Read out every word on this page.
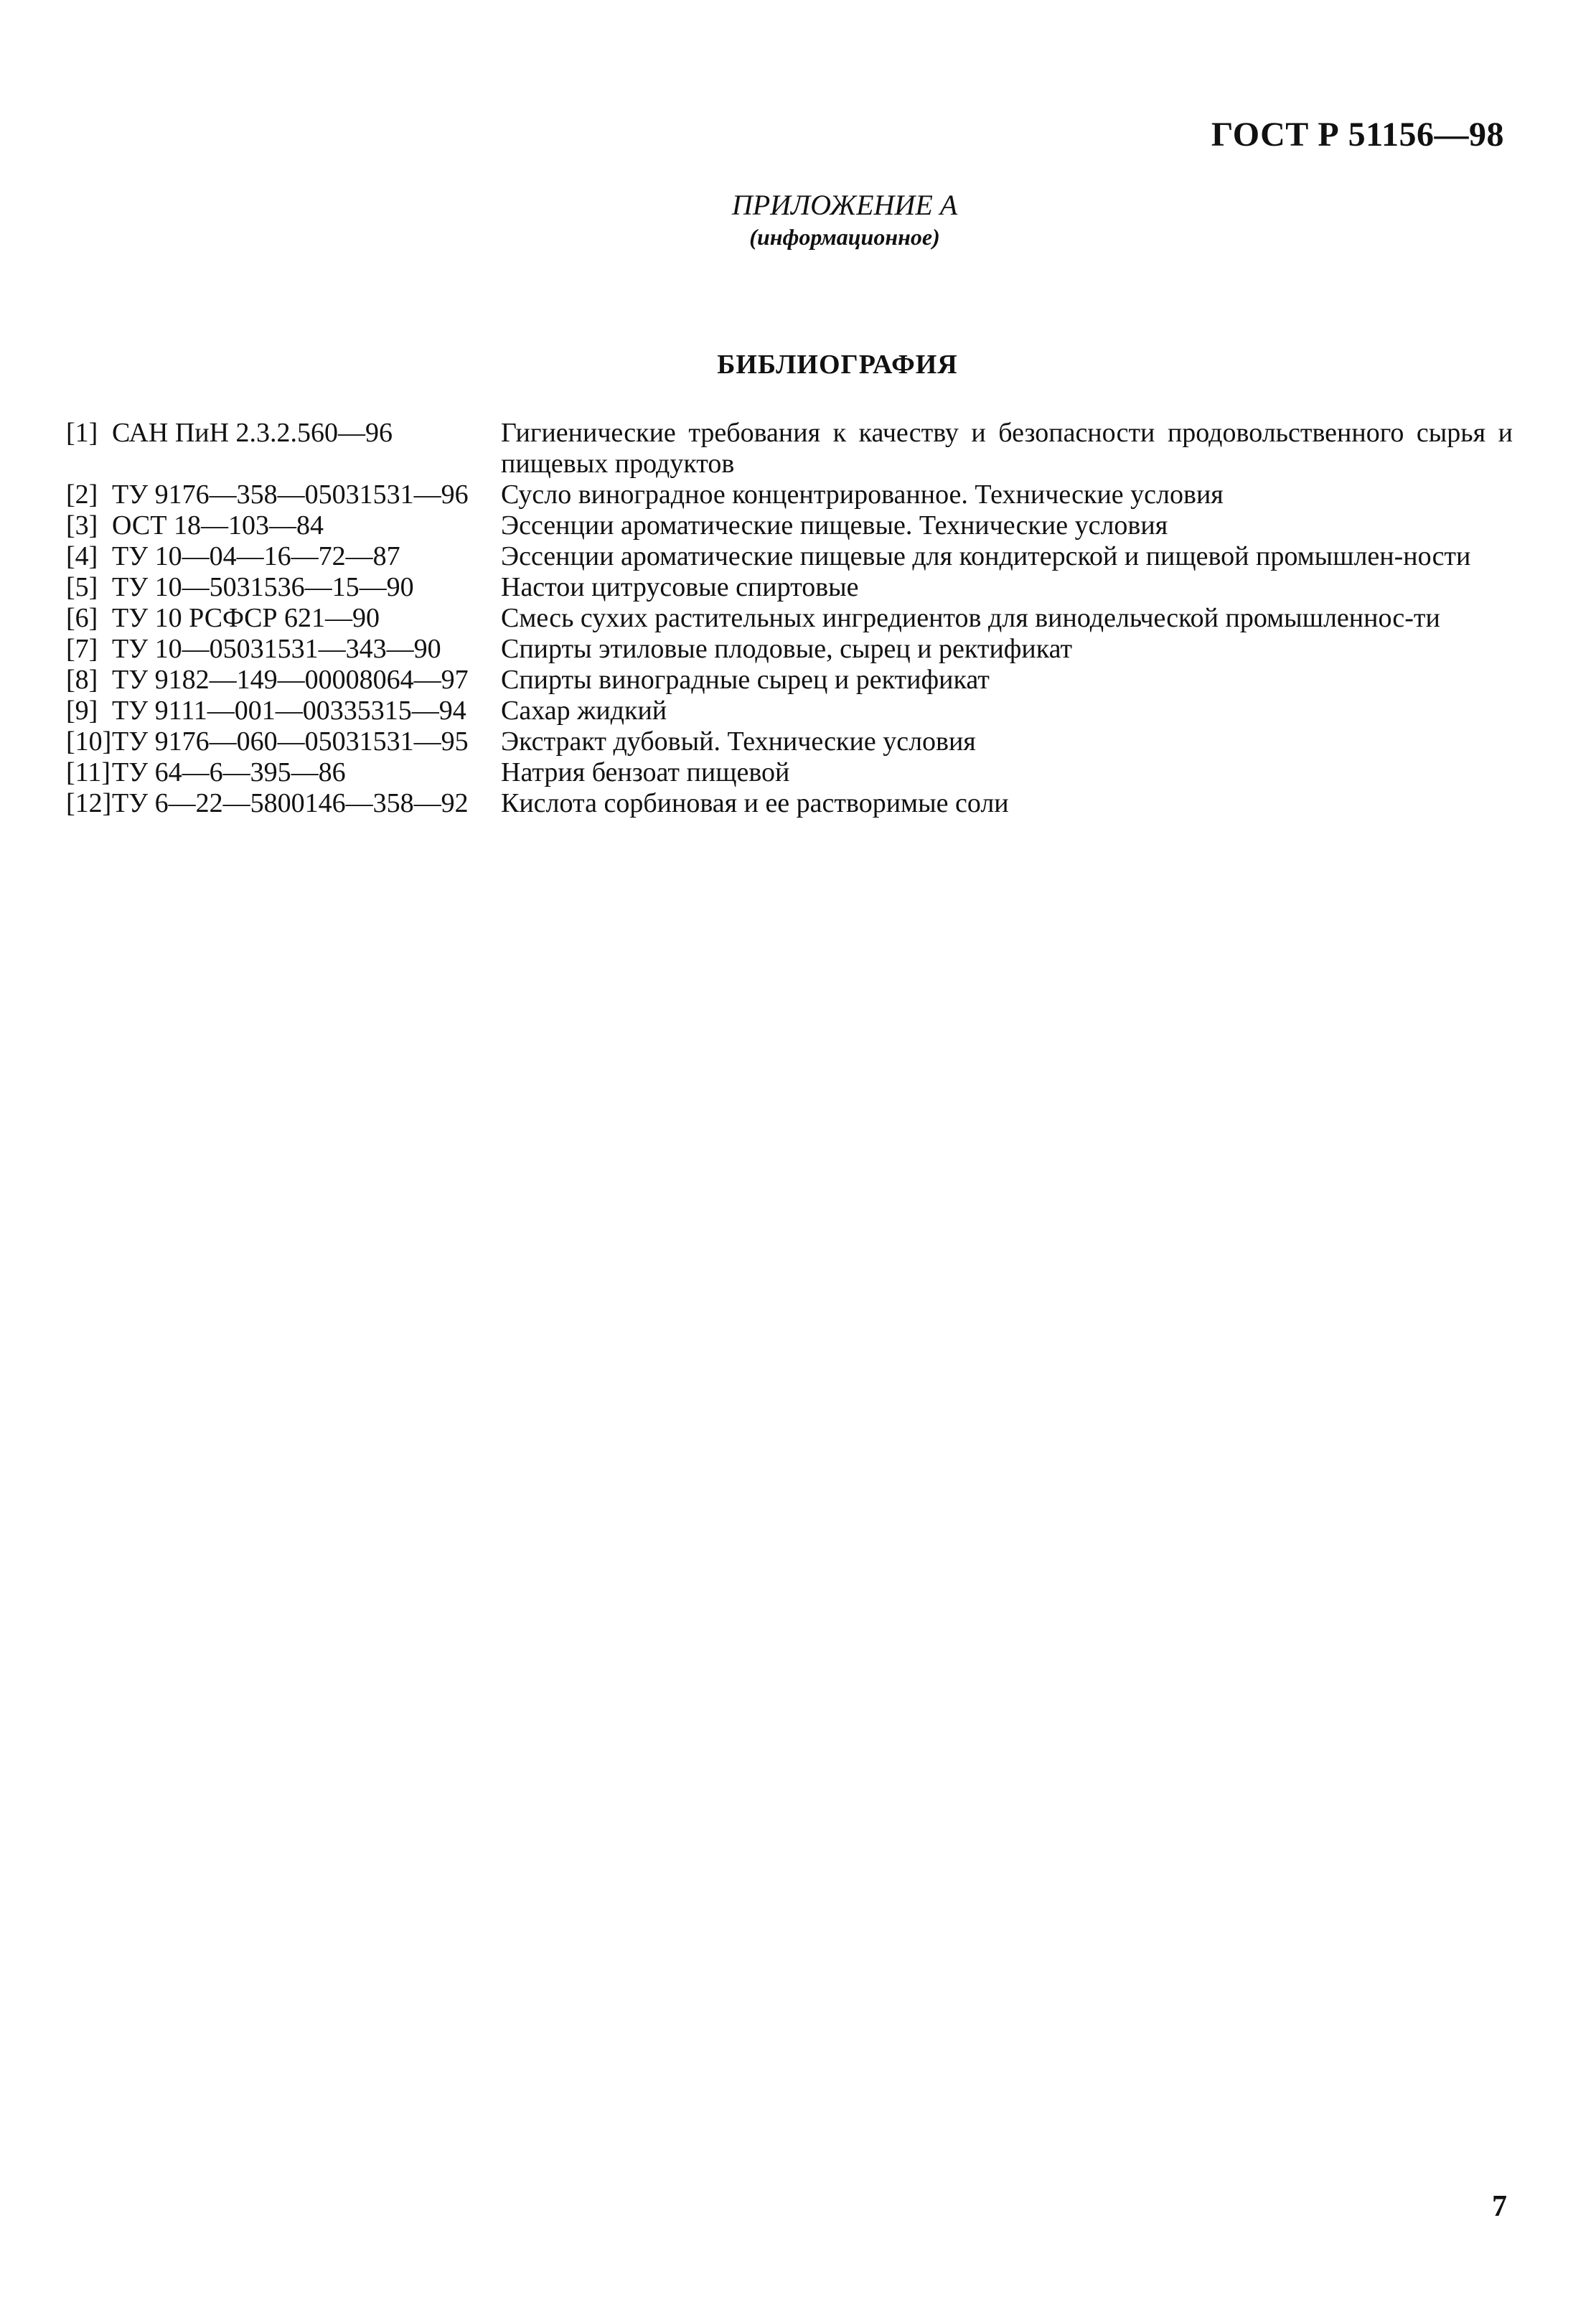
ГОСТ Р 51156—98
ПРИЛОЖЕНИЕ А
(информационное)
БИБЛИОГРАФИЯ
[1] САН ПиН 2.3.2.560—96	Гигиенические требования к качеству и безопасности продовольственного сырья и пищевых продуктов
[2] ТУ 9176—358—05031531—96	Сусло виноградное концентрированное. Технические условия
[3] ОСТ 18—103—84	Эссенции ароматические пищевые. Технические условия
[4] ТУ 10—04—16—72—87	Эссенции ароматические пищевые для кондитерской и пищевой промышлен-ности
[5] ТУ 10—5031536—15—90	Настои цитрусовые спиртовые
[6] ТУ 10 РСФСР 621—90	Смесь сухих растительных ингредиентов для винодельческой промышленнос-ти
[7] ТУ 10—05031531—343—90	Спирты этиловые плодовые, сырец и ректификат
[8] ТУ 9182—149—00008064—97	Спирты виноградные сырец и ректификат
[9] ТУ 9111—001—00335315—94	Сахар жидкий
[10] ТУ 9176—060—05031531—95	Экстракт дубовый. Технические условия
[11] ТУ 64—6—395—86	Натрия бензоат пищевой
[12] ТУ 6—22—5800146—358—92	Кислота сорбиновая и ее растворимые соли
7
